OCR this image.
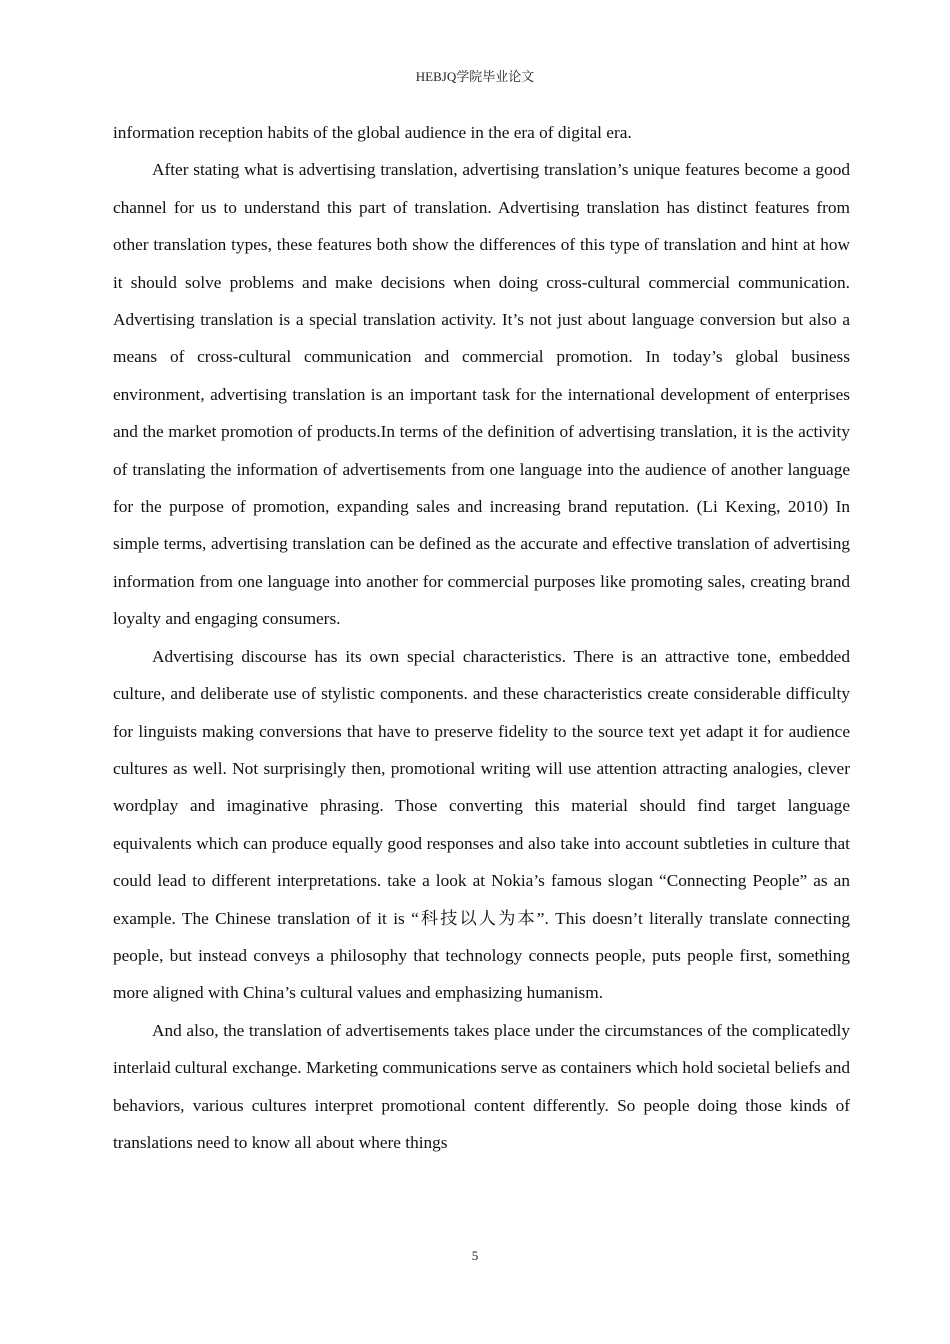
HEBJQ学院毕业论文

information reception habits of the global audience in the era of digital era.

After stating what is advertising translation, advertising translation’s unique features become a good channel for us to understand this part of translation. Advertising translation has distinct features from other translation types, these features both show the differences of this type of translation and hint at how it should solve problems and make decisions when doing cross-cultural commercial communication. Advertising translation is a special translation activity. It’s not just about language conversion but also a means of cross-cultural communication and commercial promotion. In today’s global business environment, advertising translation is an important task for the international development of enterprises and the market promotion of products.In terms of the definition of advertising translation, it is the activity of translating the information of advertisements from one language into the audience of another language for the purpose of promotion, expanding sales and increasing brand reputation. (Li Kexing, 2010) In simple terms, advertising translation can be defined as the accurate and effective translation of advertising information from one language into another for commercial purposes like promoting sales, creating brand loyalty and engaging consumers.

Advertising discourse has its own special characteristics. There is an attractive tone, embedded culture, and deliberate use of stylistic components. and these characteristics create considerable difficulty for linguists making conversions that have to preserve fidelity to the source text yet adapt it for audience cultures as well. Not surprisingly then, promotional writing will use attention attracting analogies, clever wordplay and imaginative phrasing. Those converting this material should find target language equivalents which can produce equally good responses and also take into account subtleties in culture that could lead to different interpretations. take a look at Nokia’s famous slogan “Connecting People” as an example. The Chinese translation of it is “科技以人为本”. This doesn’t literally translate connecting people, but instead conveys a philosophy that technology connects people, puts people first, something more aligned with China’s cultural values and emphasizing humanism.

And also, the translation of advertisements takes place under the circumstances of the complicatedly interlaid cultural exchange. Marketing communications serve as containers which hold societal beliefs and behaviors, various cultures interpret promotional content differently. So people doing those kinds of translations need to know all about where things

5
